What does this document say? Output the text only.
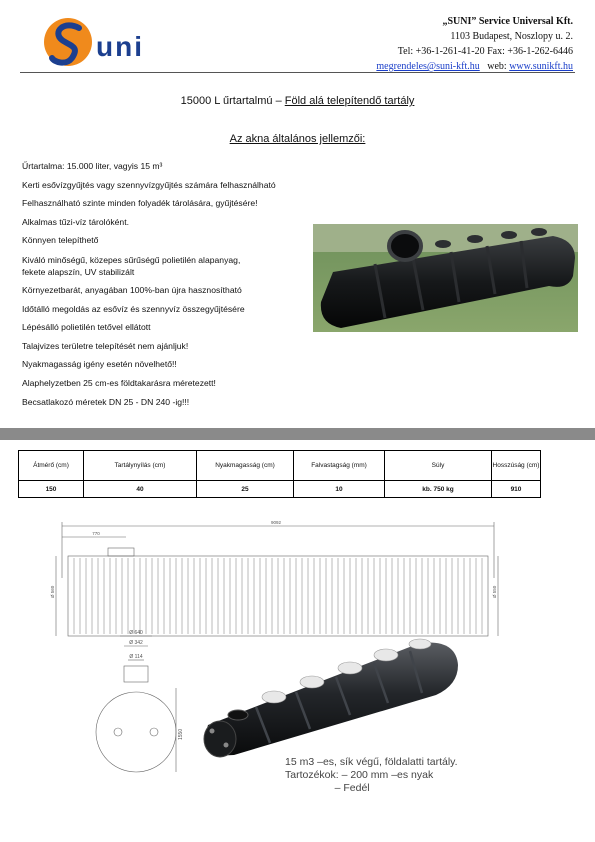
uni
„SUNI” Service Universal Kft.
1103 Budapest, Noszlopy u. 2.
Tel: +36-1-261-41-20 Fax: +36-1-262-6446
megrendeles@suni-kft.hu web: www.sunikft.hu
15000 L űrtartalmú – Föld alá telepítendő tartály
Az akna általános jellemzői:
Űrtartalma: 15.000 liter, vagyis 15 m³
Kerti esővízgyűjtés vagy szennyvízgyűjtés számára felhasználható
Felhasználható szinte minden folyadék tárolására, gyűjtésére!
Alkalmas tűzi-víz tárolóként.
Könnyen telepíthető
Kiváló minőségű, közepes sűrűségű polietilén alapanyag,
fekete alapszín, UV stabilizált
Környezetbarát, anyagában 100%-ban újra hasznosítható
Időtálló megoldás az esővíz és szennyvíz összegyűjtésére
Lépésálló polietilén tetővel ellátott
Talajvizes területre telepítését nem ajánljuk!
Nyakmagasság igény esetén növelhető!!
Alaphelyzetben 25 cm-es földtakarásra méretezett!
Becsatlakozó méretek DN 25 - DN 240 -ig!!!
Átmérő (cm)	Tartálynyílás (cm)	Nyakmagasság (cm)	Falvastagság (mm)	Súly	Hosszúság (cm)
150	40	25	10	kb. 750 kg	910
9092
770
Ø 560	Ø 550
Ø 640
Ø 342
Ø 114
1550
15 m3 –es, sík végű, földalatti tartály.
Tartozékok: – 200 mm –es nyak
– Fedél
